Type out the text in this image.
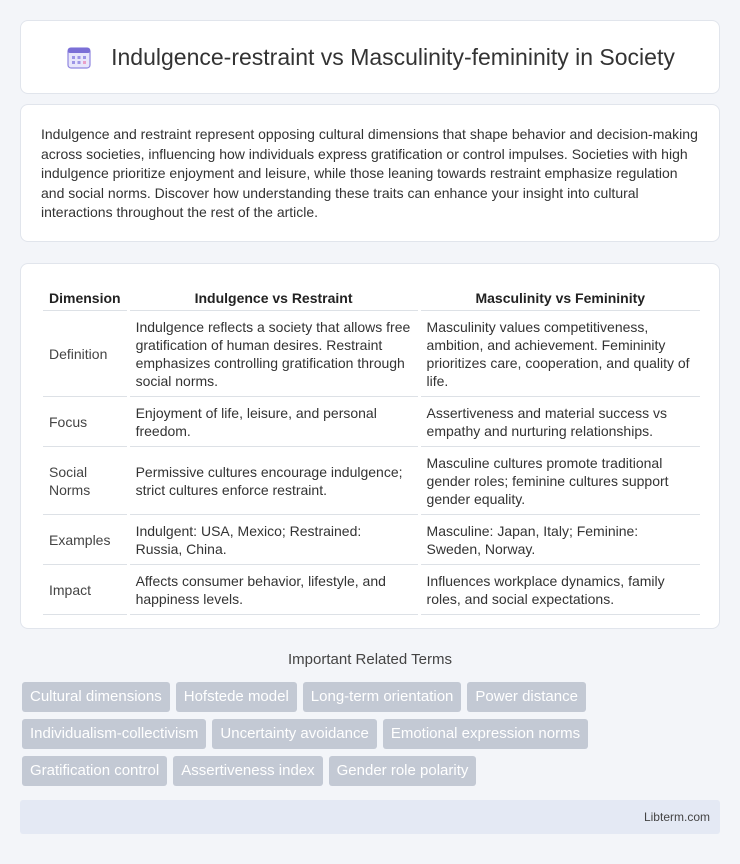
Indulgence-restraint vs Masculinity-femininity in Society

Indulgence and restraint represent opposing cultural dimensions that shape behavior and decision-making across societies, influencing how individuals express gratification or control impulses. Societies with high indulgence prioritize enjoyment and leisure, while those leaning towards restraint emphasize regulation and social norms. Discover how understanding these traits can enhance your insight into cultural interactions throughout the rest of the article.

Dimension	Indulgence vs Restraint	Masculinity vs Femininity
Definition	Indulgence reflects a society that allows free gratification of human desires. Restraint emphasizes controlling gratification through social norms.	Masculinity values competitiveness, ambition, and achievement. Femininity prioritizes care, cooperation, and quality of life.
Focus	Enjoyment of life, leisure, and personal freedom.	Assertiveness and material success vs empathy and nurturing relationships.
Social Norms	Permissive cultures encourage indulgence; strict cultures enforce restraint.	Masculine cultures promote traditional gender roles; feminine cultures support gender equality.
Examples	Indulgent: USA, Mexico; Restrained: Russia, China.	Masculine: Japan, Italy; Feminine: Sweden, Norway.
Impact	Affects consumer behavior, lifestyle, and happiness levels.	Influences workplace dynamics, family roles, and social expectations.
Important Related Terms
Cultural dimensions	Hofstede model	Long-term orientation	Power distance
Individualism-collectivism	Uncertainty avoidance	Emotional expression norms
Gratification control	Assertiveness index	Gender role polarity
Libterm.com
